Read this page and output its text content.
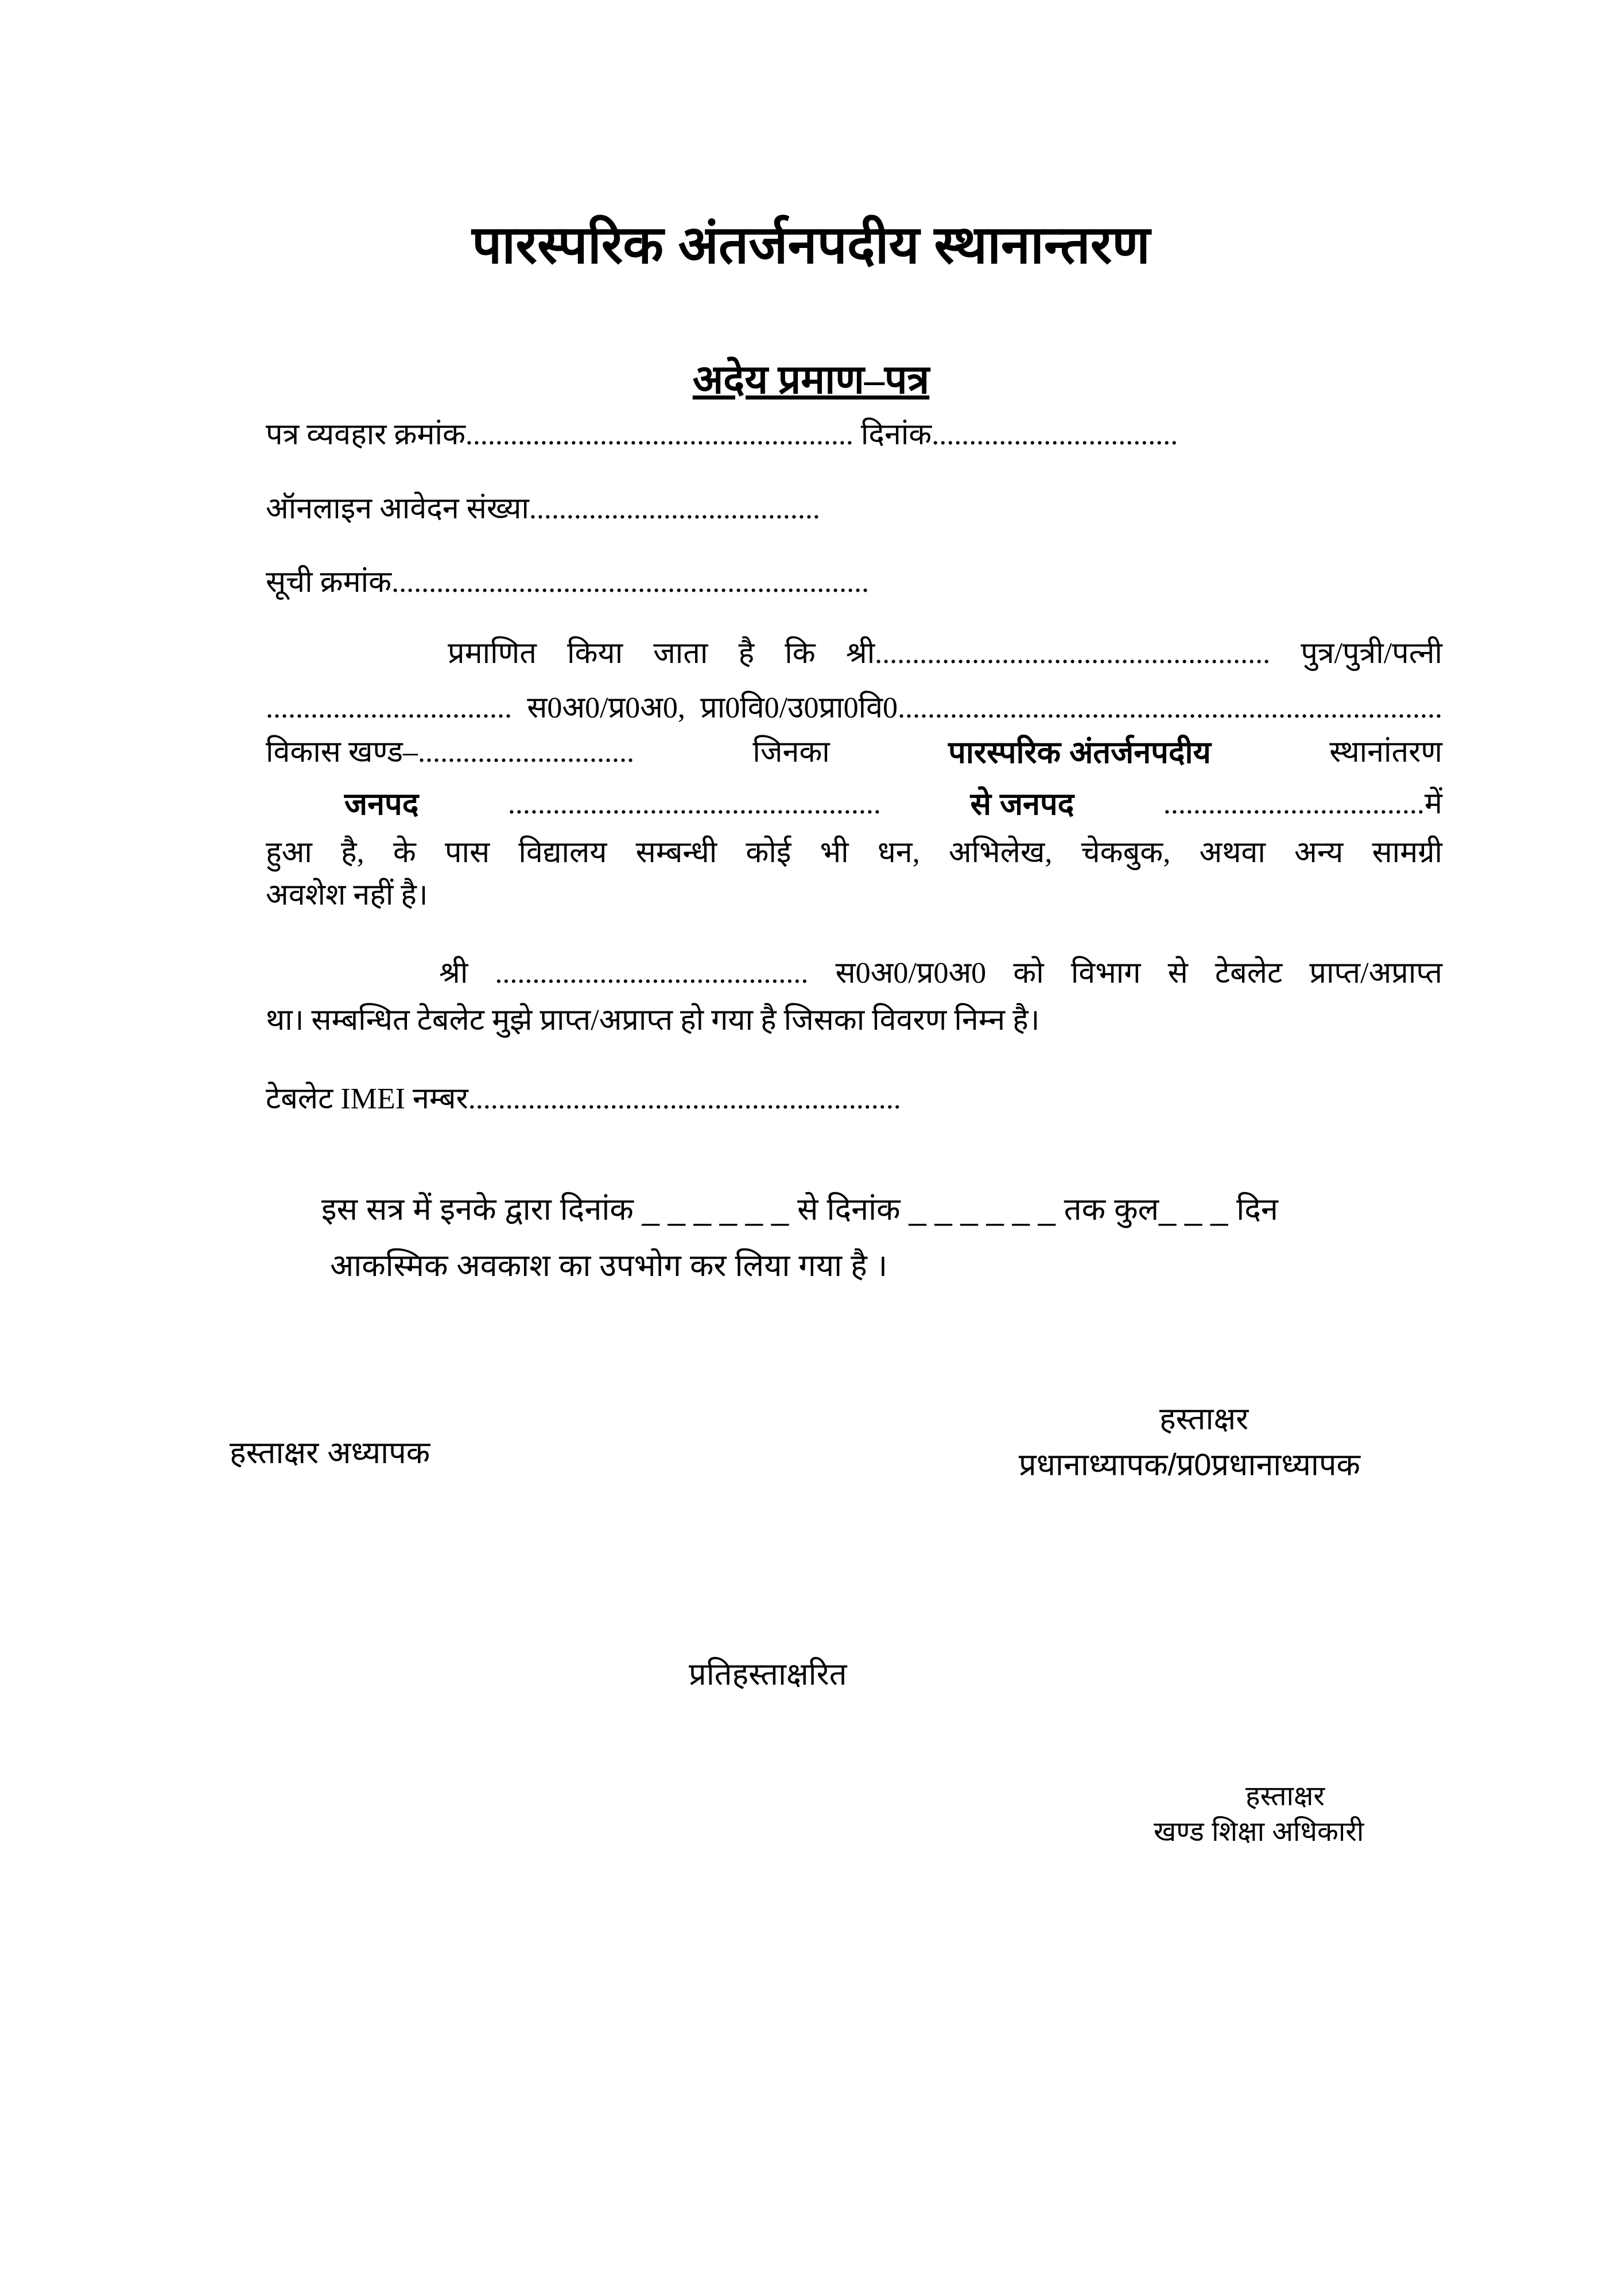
पारस्परिक अंतर्जनपदीय स्थानान्तरण
अदेय प्रमाण–पत्र
पत्र व्यवहार क्रमांक.................................................... दिनांक.................................
ऑनलाइन आवेदन संख्या.......................................
सूची क्रमांक................................................................
प्रमाणित किया जाता है कि श्री..................................................... पुत्र/पुत्री/पत्नी
................................. स0अ0/प्र0अ0, प्रा0वि0/उ0प्रा0वि0.........................................................................
विकास खण्ड–.............................	जिनका	पारस्परिक अंतर्जनपदीय	स्थानांतरण
जनपद	..................................................	से जनपद	...................................में
हुआ है, के पास विद्यालय सम्बन्धी कोई भी धन, अभिलेख, चेकबुक, अथवा अन्य सामग्री
अवशेश नहीं है।
श्री .......................................... स0अ0/प्र0अ0 को विभाग से टेबलेट प्राप्त/अप्राप्त
था। सम्बन्धित टेबलेट मुझे प्राप्त/अप्राप्त हो गया है जिसका विवरण निम्न है।
टेबलेट IMEI नम्बर..........................................................
इस सत्र में इनके द्वारा दिनांक _ _ _ _ _ _ से दिनांक _ _ _ _ _ _ तक कुल_ _ _ दिन
आकस्मिक अवकाश का उपभोग कर लिया गया है ।
हस्ताक्षर
हस्ताक्षर अध्यापक	प्रधानाध्यापक/प्र0प्रधानाध्यापक
प्रतिहस्ताक्षरित
हस्ताक्षर
खण्ड शिक्षा अधिकारी
